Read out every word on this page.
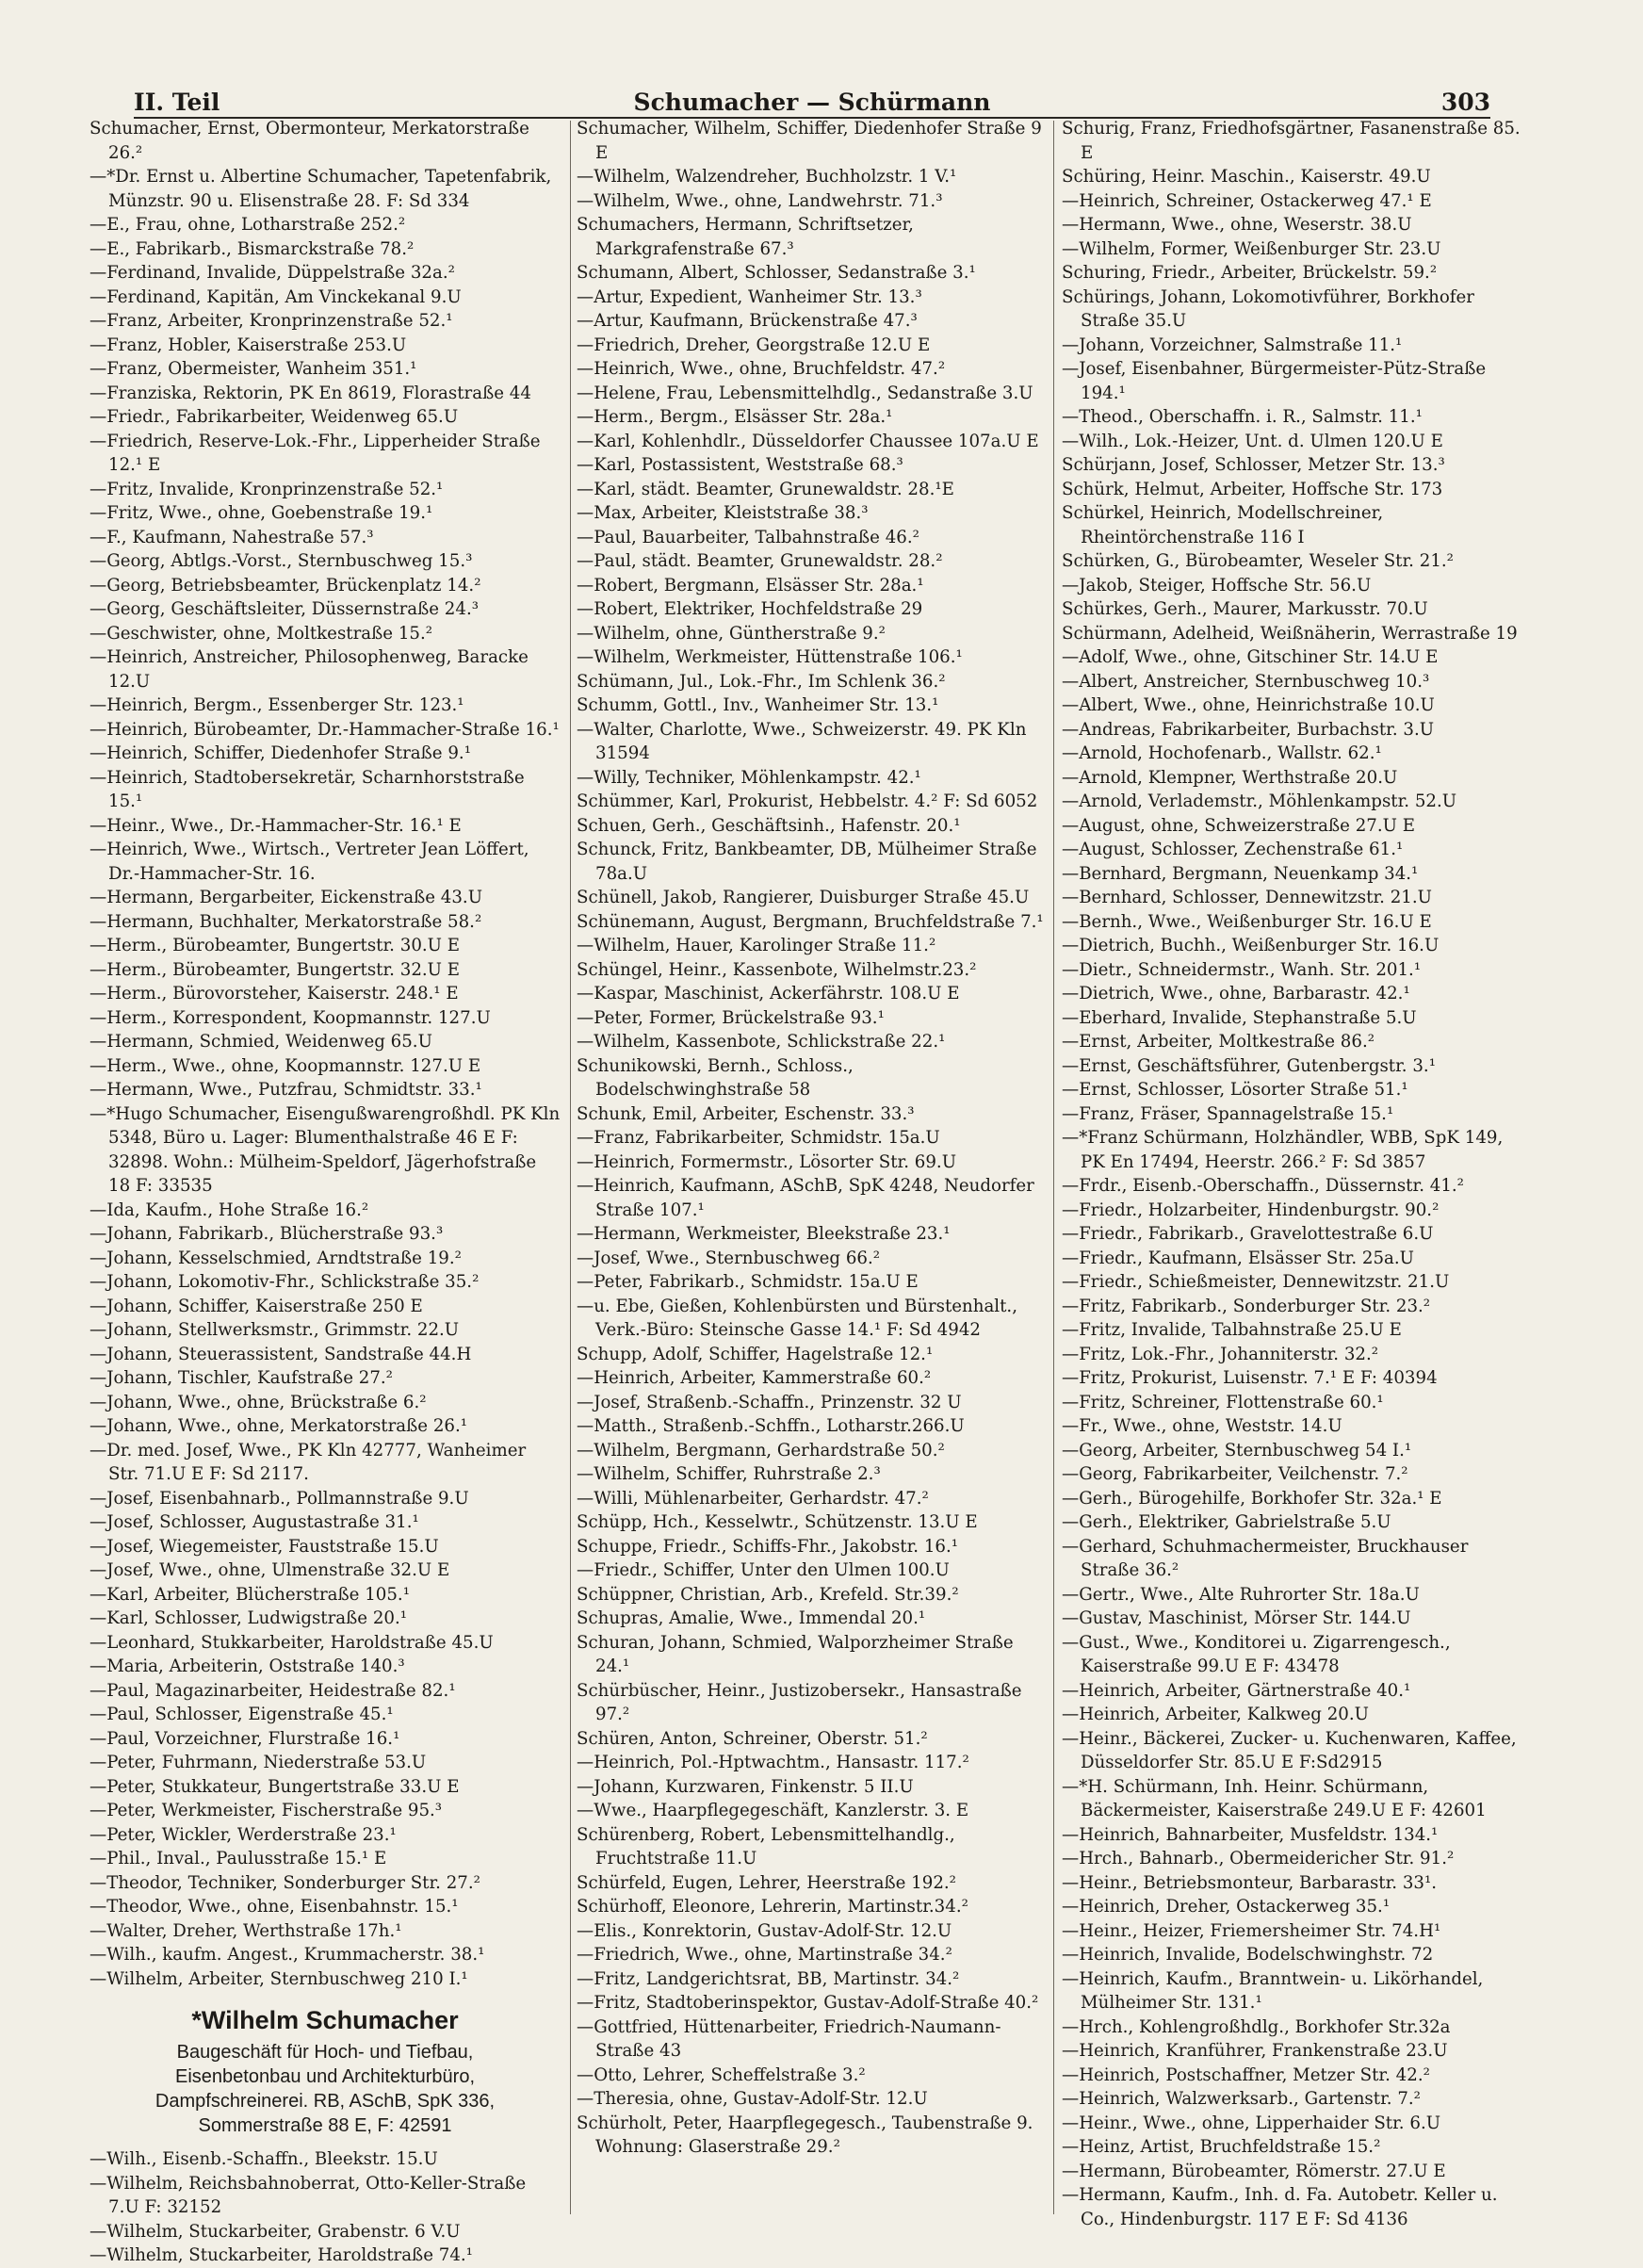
II. Teil	Schumacher — Schürmann	303
Schumacher, Ernst, Obermonteur, Merkatorstraße 26.²
—*Dr. Ernst u. Albertine Schumacher, Tapetenfabrik, Münzstr. 90 u. Elisenstraße 28. F: Sd 334
—E., Frau, ohne, Lotharstraße 252.²
—E., Fabrikarb., Bismarckstraße 78.²
—Ferdinand, Invalide, Düppelstraße 32a.²
—Ferdinand, Kapitän, Am Vinckekanal 9.U
—Franz, Arbeiter, Kronprinzenstraße 52.¹
—Franz, Hobler, Kaiserstraße 253.U
—Franz, Obermeister, Wanheim 351.¹
—Franziska, Rektorin, PK En 8619, Florastraße 44
—Friedr., Fabrikarbeiter, Weidenweg 65.U
—Friedrich, Reserve-Lok.-Fhr., Lipperheider Straße 12.¹ E
—Fritz, Invalide, Kronprinzenstraße 52.¹
—Fritz, Wwe., ohne, Goebenstraße 19.¹
—F., Kaufmann, Nahestraße 57.³
—Georg, Abtlgs.-Vorst., Sternbuschweg 15.³
—Georg, Betriebsbeamter, Brückenplatz 14.²
—Georg, Geschäftsleiter, Düssernstraße 24.³
—Geschwister, ohne, Moltkestraße 15.²
—Heinrich, Anstreicher, Philosophenweg, Baracke 12.U
—Heinrich, Bergm., Essenberger Str. 123.¹
—Heinrich, Bürobeamter, Dr.-Hammacher-Straße 16.¹
—Heinrich, Schiffer, Diedenhofer Straße 9.¹
—Heinrich, Stadtobersekretär, Scharnhorststraße 15.¹
—Heinr., Wwe., Dr.-Hammacher-Str. 16.¹ E
—Heinrich, Wwe., Wirtsch., Vertreter Jean Löffert, Dr.-Hammacher-Str. 16.
—Hermann, Bergarbeiter, Eickenstraße 43.U
—Hermann, Buchhalter, Merkatorstraße 58.²
—Herm., Bürobeamter, Bungertstr. 30.U E
—Herm., Bürobeamter, Bungertstr. 32.U E
—Herm., Bürovorsteher, Kaiserstr. 248.¹ E
—Herm., Korrespondent, Koopmannstr. 127.U
—Hermann, Schmied, Weidenweg 65.U
—Herm., Wwe., ohne, Koopmannstr. 127.U E
—Hermann, Wwe., Putzfrau, Schmidtstr. 33.¹
—*Hugo Schumacher, Eisengußwarengroßhdl. PK Kln 5348, Büro u. Lager: Blumenthalstraße 46 E F: 32898. Wohn.: Mülheim-Speldorf, Jägerhofstraße 18 F: 33535
—Ida, Kaufm., Hohe Straße 16.²
—Johann, Fabrikarb., Blücherstraße 93.³
—Johann, Kesselschmied, Arndtstraße 19.²
—Johann, Lokomotiv-Fhr., Schlickstraße 35.²
—Johann, Schiffer, Kaiserstraße 250 E
—Johann, Stellwerksmstr., Grimmstr. 22.U
—Johann, Steuerassistent, Sandstraße 44.H
—Johann, Tischler, Kaufstraße 27.²
—Johann, Wwe., ohne, Brückstraße 6.²
—Johann, Wwe., ohne, Merkatorstraße 26.¹
—Dr. med. Josef, Wwe., PK Kln 42777, Wanheimer Str. 71.U E F: Sd 2117.
—Josef, Eisenbahnarb., Pollmannstraße 9.U
—Josef, Schlosser, Augustastraße 31.¹
—Josef, Wiegemeister, Fauststraße 15.U
—Josef, Wwe., ohne, Ulmenstraße 32.U E
—Karl, Arbeiter, Blücherstraße 105.¹
—Karl, Schlosser, Ludwigstraße 20.¹
—Leonhard, Stukkarbeiter, Haroldstraße 45.U
—Maria, Arbeiterin, Oststraße 140.³
—Paul, Magazinarbeiter, Heidestraße 82.¹
—Paul, Schlosser, Eigenstraße 45.¹
—Paul, Vorzeichner, Flurstraße 16.¹
—Peter, Fuhrmann, Niederstraße 53.U
—Peter, Stukkateur, Bungertstraße 33.U E
—Peter, Werkmeister, Fischerstraße 95.³
—Peter, Wickler, Werderstraße 23.¹
—Phil., Inval., Paulusstraße 15.¹ E
—Theodor, Techniker, Sonderburger Str. 27.²
—Theodor, Wwe., ohne, Eisenbahnstr. 15.¹
—Walter, Dreher, Werthstraße 17h.¹
—Wilh., kaufm. Angest., Krummacherstr. 38.¹
—Wilhelm, Arbeiter, Sternbuschweg 210 I.¹
*Wilhelm Schumacher
Baugeschäft für Hoch- und Tiefbau,
Eisenbetonbau und Architekturbüro,
Dampfschreinerei. RB, ASchB, SpK 336,
Sommerstraße 88 E, F: 42591
—Wilh., Eisenb.-Schaffn., Bleekstr. 15.U
—Wilhelm, Reichsbahnoberrat, Otto-Keller-Straße 7.U F: 32152
—Wilhelm, Stuckarbeiter, Grabenstr. 6 V.U
—Wilhelm, Stuckarbeiter, Haroldstraße 74.¹
Schumacher, Wilhelm, Schiffer, Diedenhofer Straße 9 E
—Wilhelm, Walzendreher, Buchholzstr. 1 V.¹
—Wilhelm, Wwe., ohne, Landwehrstr. 71.³
Schumachers, Hermann, Schriftsetzer, Markgrafenstraße 67.³
Schumann, Albert, Schlosser, Sedanstraße 3.¹
—Artur, Expedient, Wanheimer Str. 13.³
—Artur, Kaufmann, Brückenstraße 47.³
—Friedrich, Dreher, Georgstraße 12.U E
—Heinrich, Wwe., ohne, Bruchfeldstr. 47.²
—Helene, Frau, Lebensmittelhdlg., Sedanstraße 3.U
—Herm., Bergm., Elsässer Str. 28a.¹
—Karl, Kohlenhdlr., Düsseldorfer Chaussee 107a.U E
—Karl, Postassistent, Weststraße 68.³
—Karl, städt. Beamter, Grunewaldstr. 28.¹E
—Max, Arbeiter, Kleiststraße 38.³
—Paul, Bauarbeiter, Talbahnstraße 46.²
—Paul, städt. Beamter, Grunewaldstr. 28.²
—Robert, Bergmann, Elsässer Str. 28a.¹
—Robert, Elektriker, Hochfeldstraße 29
—Wilhelm, ohne, Güntherstraße 9.²
—Wilhelm, Werkmeister, Hüttenstraße 106.¹
Schümann, Jul., Lok.-Fhr., Im Schlenk 36.²
Schumm, Gottl., Inv., Wanheimer Str. 13.¹
—Walter, Charlotte, Wwe., Schweizerstr. 49. PK Kln 31594
—Willy, Techniker, Möhlenkampstr. 42.¹
Schümmer, Karl, Prokurist, Hebbelstr. 4.² F: Sd 6052
Schuen, Gerh., Geschäftsinh., Hafenstr. 20.¹
Schunck, Fritz, Bankbeamter, DB, Mülheimer Straße 78a.U
Schünell, Jakob, Rangierer, Duisburger Straße 45.U
Schünemann, August, Bergmann, Bruchfeldstraße 7.¹
—Wilhelm, Hauer, Karolinger Straße 11.²
Schüngel, Heinr., Kassenbote, Wilhelmstr.23.²
—Kaspar, Maschinist, Ackerfährstr. 108.U E
—Peter, Former, Brückelstraße 93.¹
—Wilhelm, Kassenbote, Schlickstraße 22.¹
Schunikowski, Bernh., Schloss., Bodelschwinghstraße 58
Schunk, Emil, Arbeiter, Eschenstr. 33.³
—Franz, Fabrikarbeiter, Schmidstr. 15a.U
—Heinrich, Formermstr., Lösorter Str. 69.U
—Heinrich, Kaufmann, ASchB, SpK 4248, Neudorfer Straße 107.¹
—Hermann, Werkmeister, Bleekstraße 23.¹
—Josef, Wwe., Sternbuschweg 66.²
—Peter, Fabrikarb., Schmidstr. 15a.U E
—u. Ebe, Gießen, Kohlenbürsten und Bürstenhalt., Verk.-Büro: Steinsche Gasse 14.¹ F: Sd 4942
Schupp, Adolf, Schiffer, Hagelstraße 12.¹
—Heinrich, Arbeiter, Kammerstraße 60.²
—Josef, Straßenb.-Schaffn., Prinzenstr. 32 U
—Matth., Straßenb.-Schffn., Lotharstr.266.U
—Wilhelm, Bergmann, Gerhardstraße 50.²
—Wilhelm, Schiffer, Ruhrstraße 2.³
—Willi, Mühlenarbeiter, Gerhardstr. 47.²
Schüpp, Hch., Kesselwtr., Schützenstr. 13.U E
Schuppe, Friedr., Schiffs-Fhr., Jakobstr. 16.¹
—Friedr., Schiffer, Unter den Ulmen 100.U
Schüppner, Christian, Arb., Krefeld. Str.39.²
Schupras, Amalie, Wwe., Immendal 20.¹
Schuran, Johann, Schmied, Walporzheimer Straße 24.¹
Schürbüscher, Heinr., Justizobersekr., Hansastraße 97.²
Schüren, Anton, Schreiner, Oberstr. 51.²
—Heinrich, Pol.-Hptwachtm., Hansastr. 117.²
—Johann, Kurzwaren, Finkenstr. 5 II.U
—Wwe., Haarpflegegeschäft, Kanzlerstr. 3. E
Schürenberg, Robert, Lebensmittelhandlg., Fruchtstraße 11.U
Schürfeld, Eugen, Lehrer, Heerstraße 192.²
Schürhoff, Eleonore, Lehrerin, Martinstr.34.²
—Elis., Konrektorin, Gustav-Adolf-Str. 12.U
—Friedrich, Wwe., ohne, Martinstraße 34.²
—Fritz, Landgerichtsrat, BB, Martinstr. 34.²
—Fritz, Stadtoberinspektor, Gustav-Adolf-Straße 40.²
—Gottfried, Hüttenarbeiter, Friedrich-Naumann-Straße 43
—Otto, Lehrer, Scheffelstraße 3.²
—Theresia, ohne, Gustav-Adolf-Str. 12.U
Schürholt, Peter, Haarpflegegesch., Taubenstraße 9. Wohnung: Glaserstraße 29.²
Schurig, Franz, Friedhofsgärtner, Fasanenstraße 85. E
Schüring, Heinr. Maschin., Kaiserstr. 49.U
—Heinrich, Schreiner, Ostackerweg 47.¹ E
—Hermann, Wwe., ohne, Weserstr. 38.U
—Wilhelm, Former, Weißenburger Str. 23.U
Schuring, Friedr., Arbeiter, Brückelstr. 59.²
Schürings, Johann, Lokomotivführer, Borkhofer Straße 35.U
—Johann, Vorzeichner, Salmstraße 11.¹
—Josef, Eisenbahner, Bürgermeister-Pütz-Straße 194.¹
—Theod., Oberschaffn. i. R., Salmstr. 11.¹
—Wilh., Lok.-Heizer, Unt. d. Ulmen 120.U E
Schürjann, Josef, Schlosser, Metzer Str. 13.³
Schürk, Helmut, Arbeiter, Hoffsche Str. 173
Schürkel, Heinrich, Modellschreiner, Rheintörchenstraße 116 I
Schürken, G., Bürobeamter, Weseler Str. 21.²
—Jakob, Steiger, Hoffsche Str. 56.U
Schürkes, Gerh., Maurer, Markusstr. 70.U
Schürmann, Adelheid, Weißnäherin, Werrastraße 19
—Adolf, Wwe., ohne, Gitschiner Str. 14.U E
—Albert, Anstreicher, Sternbuschweg 10.³
—Albert, Wwe., ohne, Heinrichstraße 10.U
—Andreas, Fabrikarbeiter, Burbachstr. 3.U
—Arnold, Hochofenarb., Wallstr. 62.¹
—Arnold, Klempner, Werthstraße 20.U
—Arnold, Verlademstr., Möhlenkampstr. 52.U
—August, ohne, Schweizerstraße 27.U E
—August, Schlosser, Zechenstraße 61.¹
—Bernhard, Bergmann, Neuenkamp 34.¹
—Bernhard, Schlosser, Dennewitzstr. 21.U
—Bernh., Wwe., Weißenburger Str. 16.U E
—Dietrich, Buchh., Weißenburger Str. 16.U
—Dietr., Schneidermstr., Wanh. Str. 201.¹
—Dietrich, Wwe., ohne, Barbarastr. 42.¹
—Eberhard, Invalide, Stephanstraße 5.U
—Ernst, Arbeiter, Moltkestraße 86.²
—Ernst, Geschäftsführer, Gutenbergstr. 3.¹
—Ernst, Schlosser, Lösorter Straße 51.¹
—Franz, Fräser, Spannagelstraße 15.¹
—*Franz Schürmann, Holzhändler, WBB, SpK 149, PK En 17494, Heerstr. 266.² F: Sd 3857
—Frdr., Eisenb.-Oberschaffn., Düssernstr. 41.²
—Friedr., Holzarbeiter, Hindenburgstr. 90.²
—Friedr., Fabrikarb., Gravelottestraße 6.U
—Friedr., Kaufmann, Elsässer Str. 25a.U
—Friedr., Schießmeister, Dennewitzstr. 21.U
—Fritz, Fabrikarb., Sonderburger Str. 23.²
—Fritz, Invalide, Talbahnstraße 25.U E
—Fritz, Lok.-Fhr., Johanniterstr. 32.²
—Fritz, Prokurist, Luisenstr. 7.¹ E F: 40394
—Fritz, Schreiner, Flottenstraße 60.¹
—Fr., Wwe., ohne, Weststr. 14.U
—Georg, Arbeiter, Sternbuschweg 54 I.¹
—Georg, Fabrikarbeiter, Veilchenstr. 7.²
—Gerh., Bürogehilfe, Borkhofer Str. 32a.¹ E
—Gerh., Elektriker, Gabrielstraße 5.U
—Gerhard, Schuhmachermeister, Bruckhauser Straße 36.²
—Gertr., Wwe., Alte Ruhrorter Str. 18a.U
—Gustav, Maschinist, Mörser Str. 144.U
—Gust., Wwe., Konditorei u. Zigarrengesch., Kaiserstraße 99.U E F: 43478
—Heinrich, Arbeiter, Gärtnerstraße 40.¹
—Heinrich, Arbeiter, Kalkweg 20.U
—Heinr., Bäckerei, Zucker- u. Kuchenwaren, Kaffee, Düsseldorfer Str. 85.U E F:Sd2915
—*H. Schürmann, Inh. Heinr. Schürmann, Bäckermeister, Kaiserstraße 249.U E F: 42601
—Heinrich, Bahnarbeiter, Musfeldstr. 134.¹
—Hrch., Bahnarb., Obermeidericher Str. 91.²
—Heinr., Betriebsmonteur, Barbarastr. 33¹.
—Heinrich, Dreher, Ostackerweg 35.¹
—Heinr., Heizer, Friemersheimer Str. 74.H¹
—Heinrich, Invalide, Bodelschwinghstr. 72
—Heinrich, Kaufm., Branntwein- u. Likörhandel, Mülheimer Str. 131.¹
—Hrch., Kohlengroßhdlg., Borkhofer Str.32a
—Heinrich, Kranführer, Frankenstraße 23.U
—Heinrich, Postschaffner, Metzer Str. 42.²
—Heinrich, Walzwerksarb., Gartenstr. 7.²
—Heinr., Wwe., ohne, Lipperhaider Str. 6.U
—Heinz, Artist, Bruchfeldstraße 15.²
—Hermann, Bürobeamter, Römerstr. 27.U E
—Hermann, Kaufm., Inh. d. Fa. Autobetr. Keller u. Co., Hindenburgstr. 117 E F: Sd 4136
